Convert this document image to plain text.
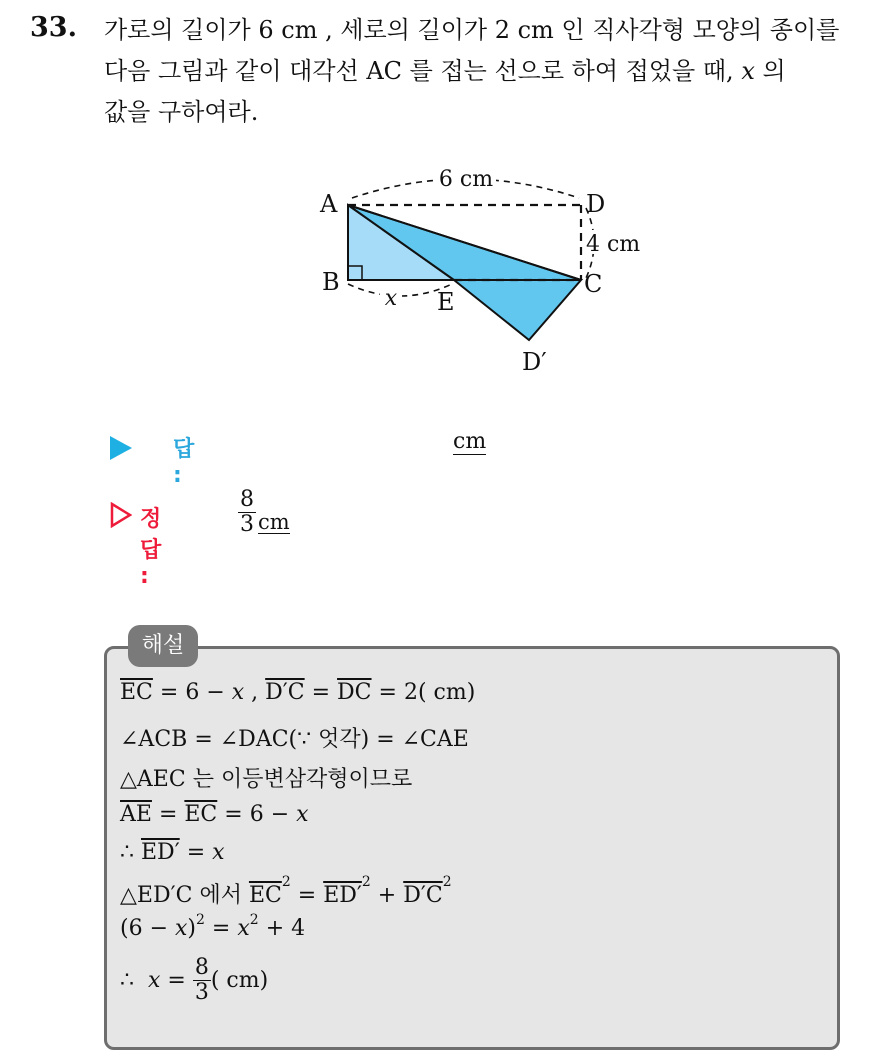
33. 가로의 길이가 6 cm , 세로의 길이가 2 cm 인 직사각형 모양의 종이를

다음 그림과 같이 대각선 AC 를 접는 선으로 하여 접었을 때, x 의

값을 구하여라.

6 cm
4 cm
x
A
B
D
C
E
D′
답 :
cm
정답 :
$\frac{8}{3}$ cm
해설
$\overline{EC} = 6 - x$ , $D'C = \overline{DC} = 2$( cm)
∠ACB = ∠DAC(∵ 엇각) = ∠CAE
△AEC 는 이등변삼각형이므로
$\overline{AE} = \overline{EC} = 6 - x$
∴ ED′ = x
△ED′C 에서 $\overline{EC}^2 = ED'^2 + D'C^2$
$(6 - x)^2 = x^2 + 4$
∴ $x = \frac{8}{3}$ ( cm)
